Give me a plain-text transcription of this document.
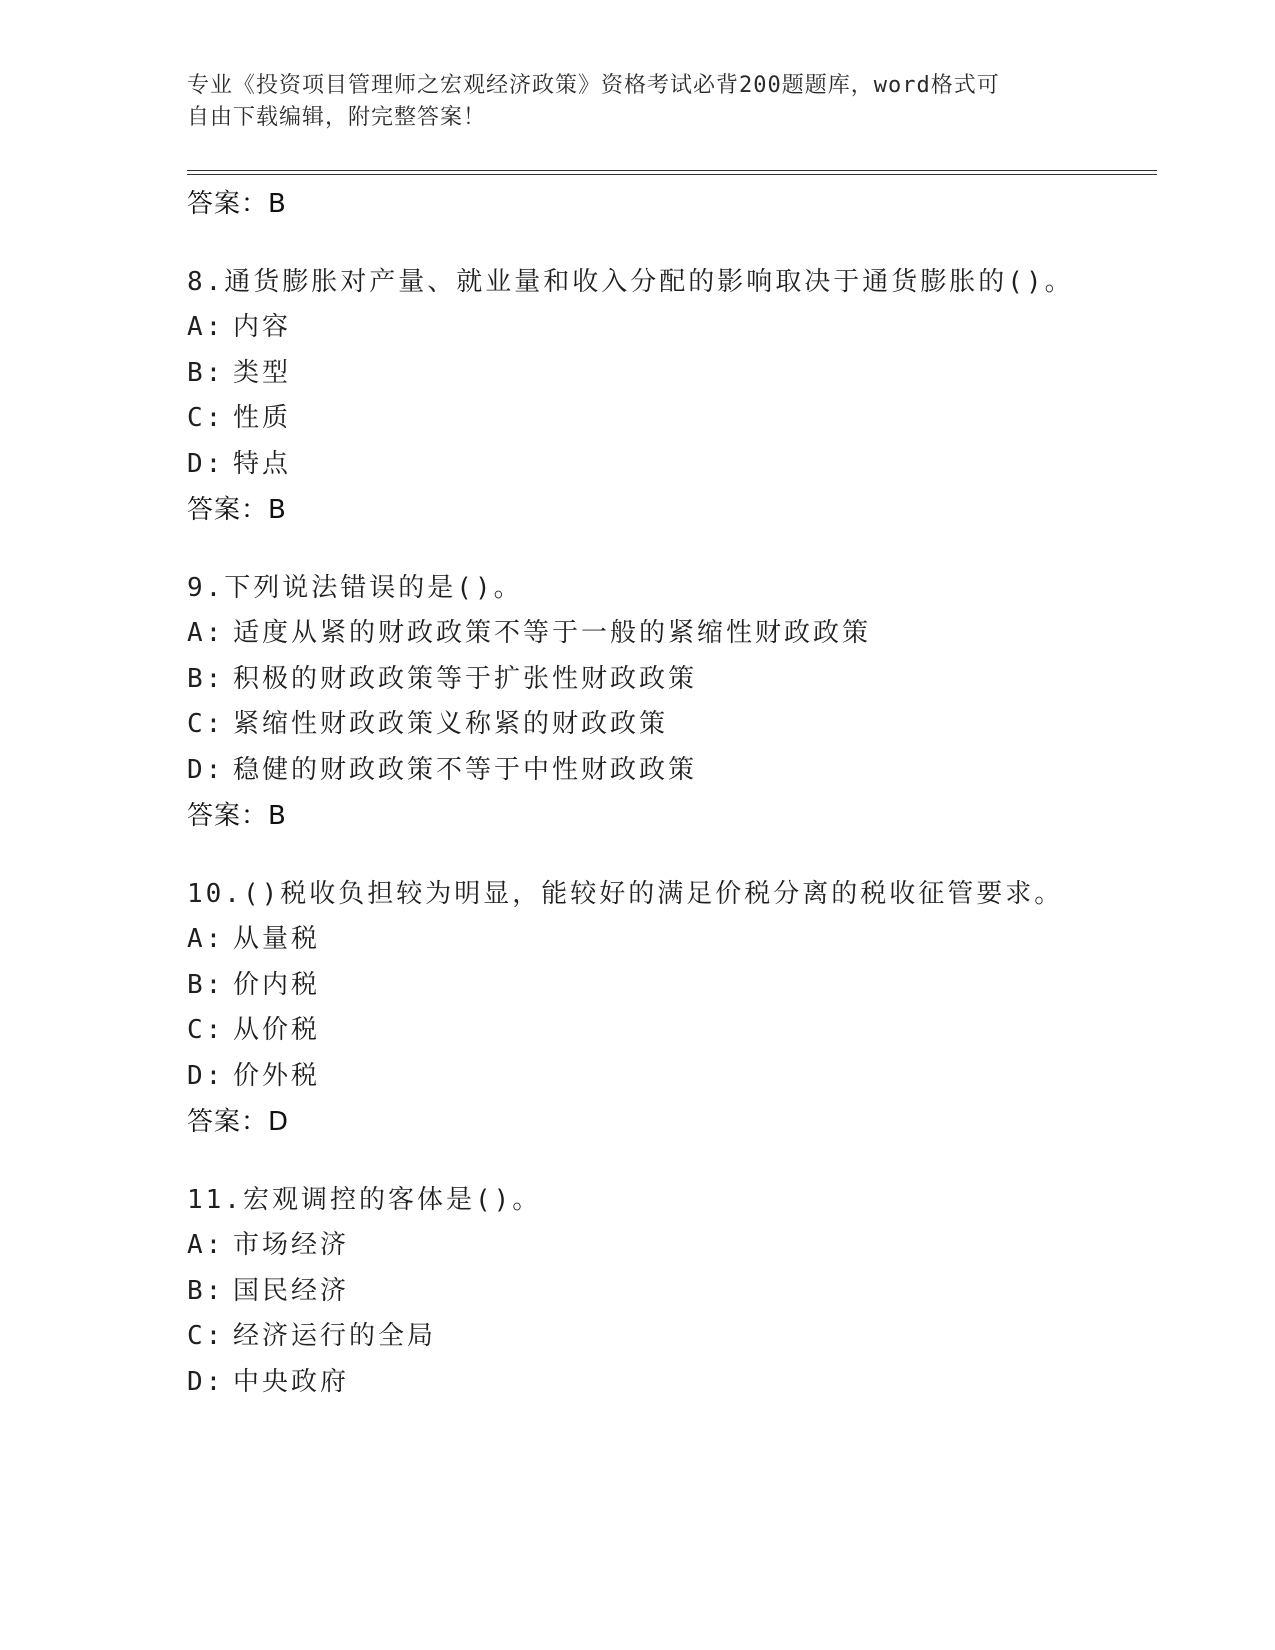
专业《投资项目管理师之宏观经济政策》资格考试必背200题题库，word格式可
自由下载编辑，附完整答案！
答案：B
8.通货膨胀对产量、就业量和收入分配的影响取决于通货膨胀的()。
A: 内容
B: 类型
C: 性质
D: 特点
答案：B
9.下列说法错误的是()。
A: 适度从紧的财政政策不等于一般的紧缩性财政政策
B: 积极的财政政策等于扩张性财政政策
C: 紧缩性财政政策义称紧的财政政策
D: 稳健的财政政策不等于中性财政政策
答案：B
10.()税收负担较为明显，能较好的满足价税分离的税收征管要求。
A: 从量税
B: 价内税
C: 从价税
D: 价外税
答案：D
11.宏观调控的客体是()。
A: 市场经济
B: 国民经济
C: 经济运行的全局
D: 中央政府
